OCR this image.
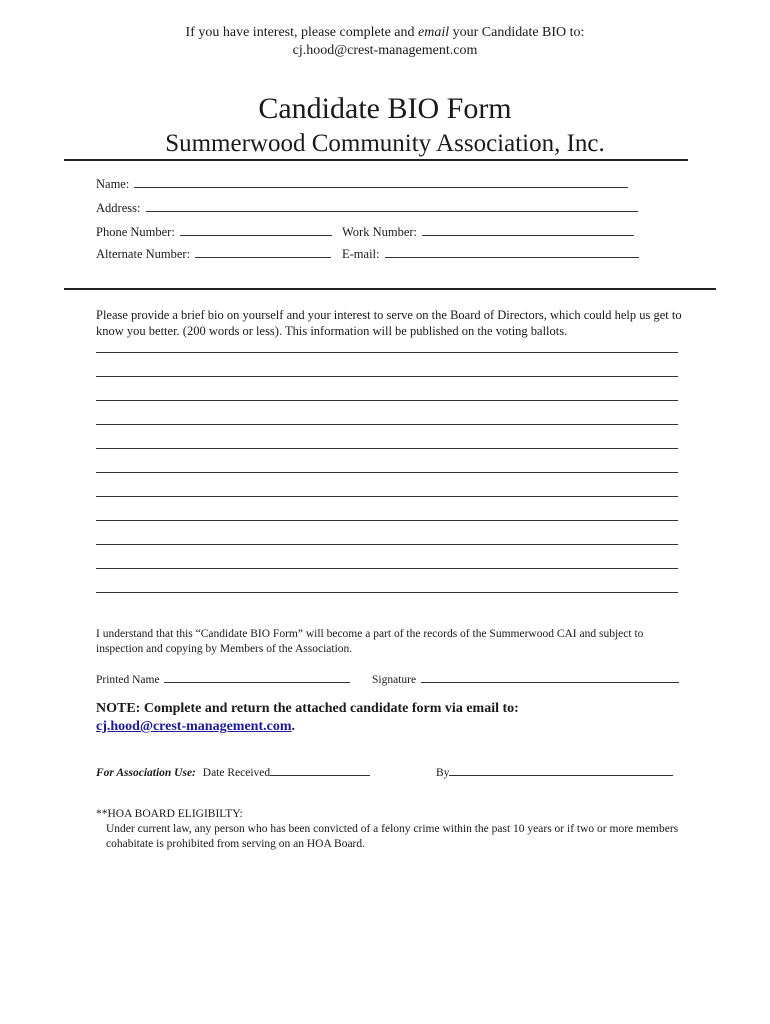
If you have interest, please complete and email your Candidate BIO to:
cj.hood@crest-management.com
Candidate BIO Form
Summerwood Community Association, Inc.
Name:
Address:
Phone Number:	Work Number:
Alternate Number:	E-mail:
Please provide a brief bio on yourself and your interest to serve on the Board of Directors, which could help us get to know you better. (200 words or less). This information will be published on the voting ballots.
I understand that this “Candidate BIO Form” will become a part of the records of the Summerwood CAI and subject to inspection and copying by Members of the Association.
Printed Name	Signature
NOTE: Complete and return the attached candidate form via email to:
cj.hood@crest-management.com.
For Association Use: Date Received	By
**HOA BOARD ELIGIBILTY:
Under current law, any person who has been convicted of a felony crime within the past 10 years or if two or more members cohabitate is prohibited from serving on an HOA Board.
